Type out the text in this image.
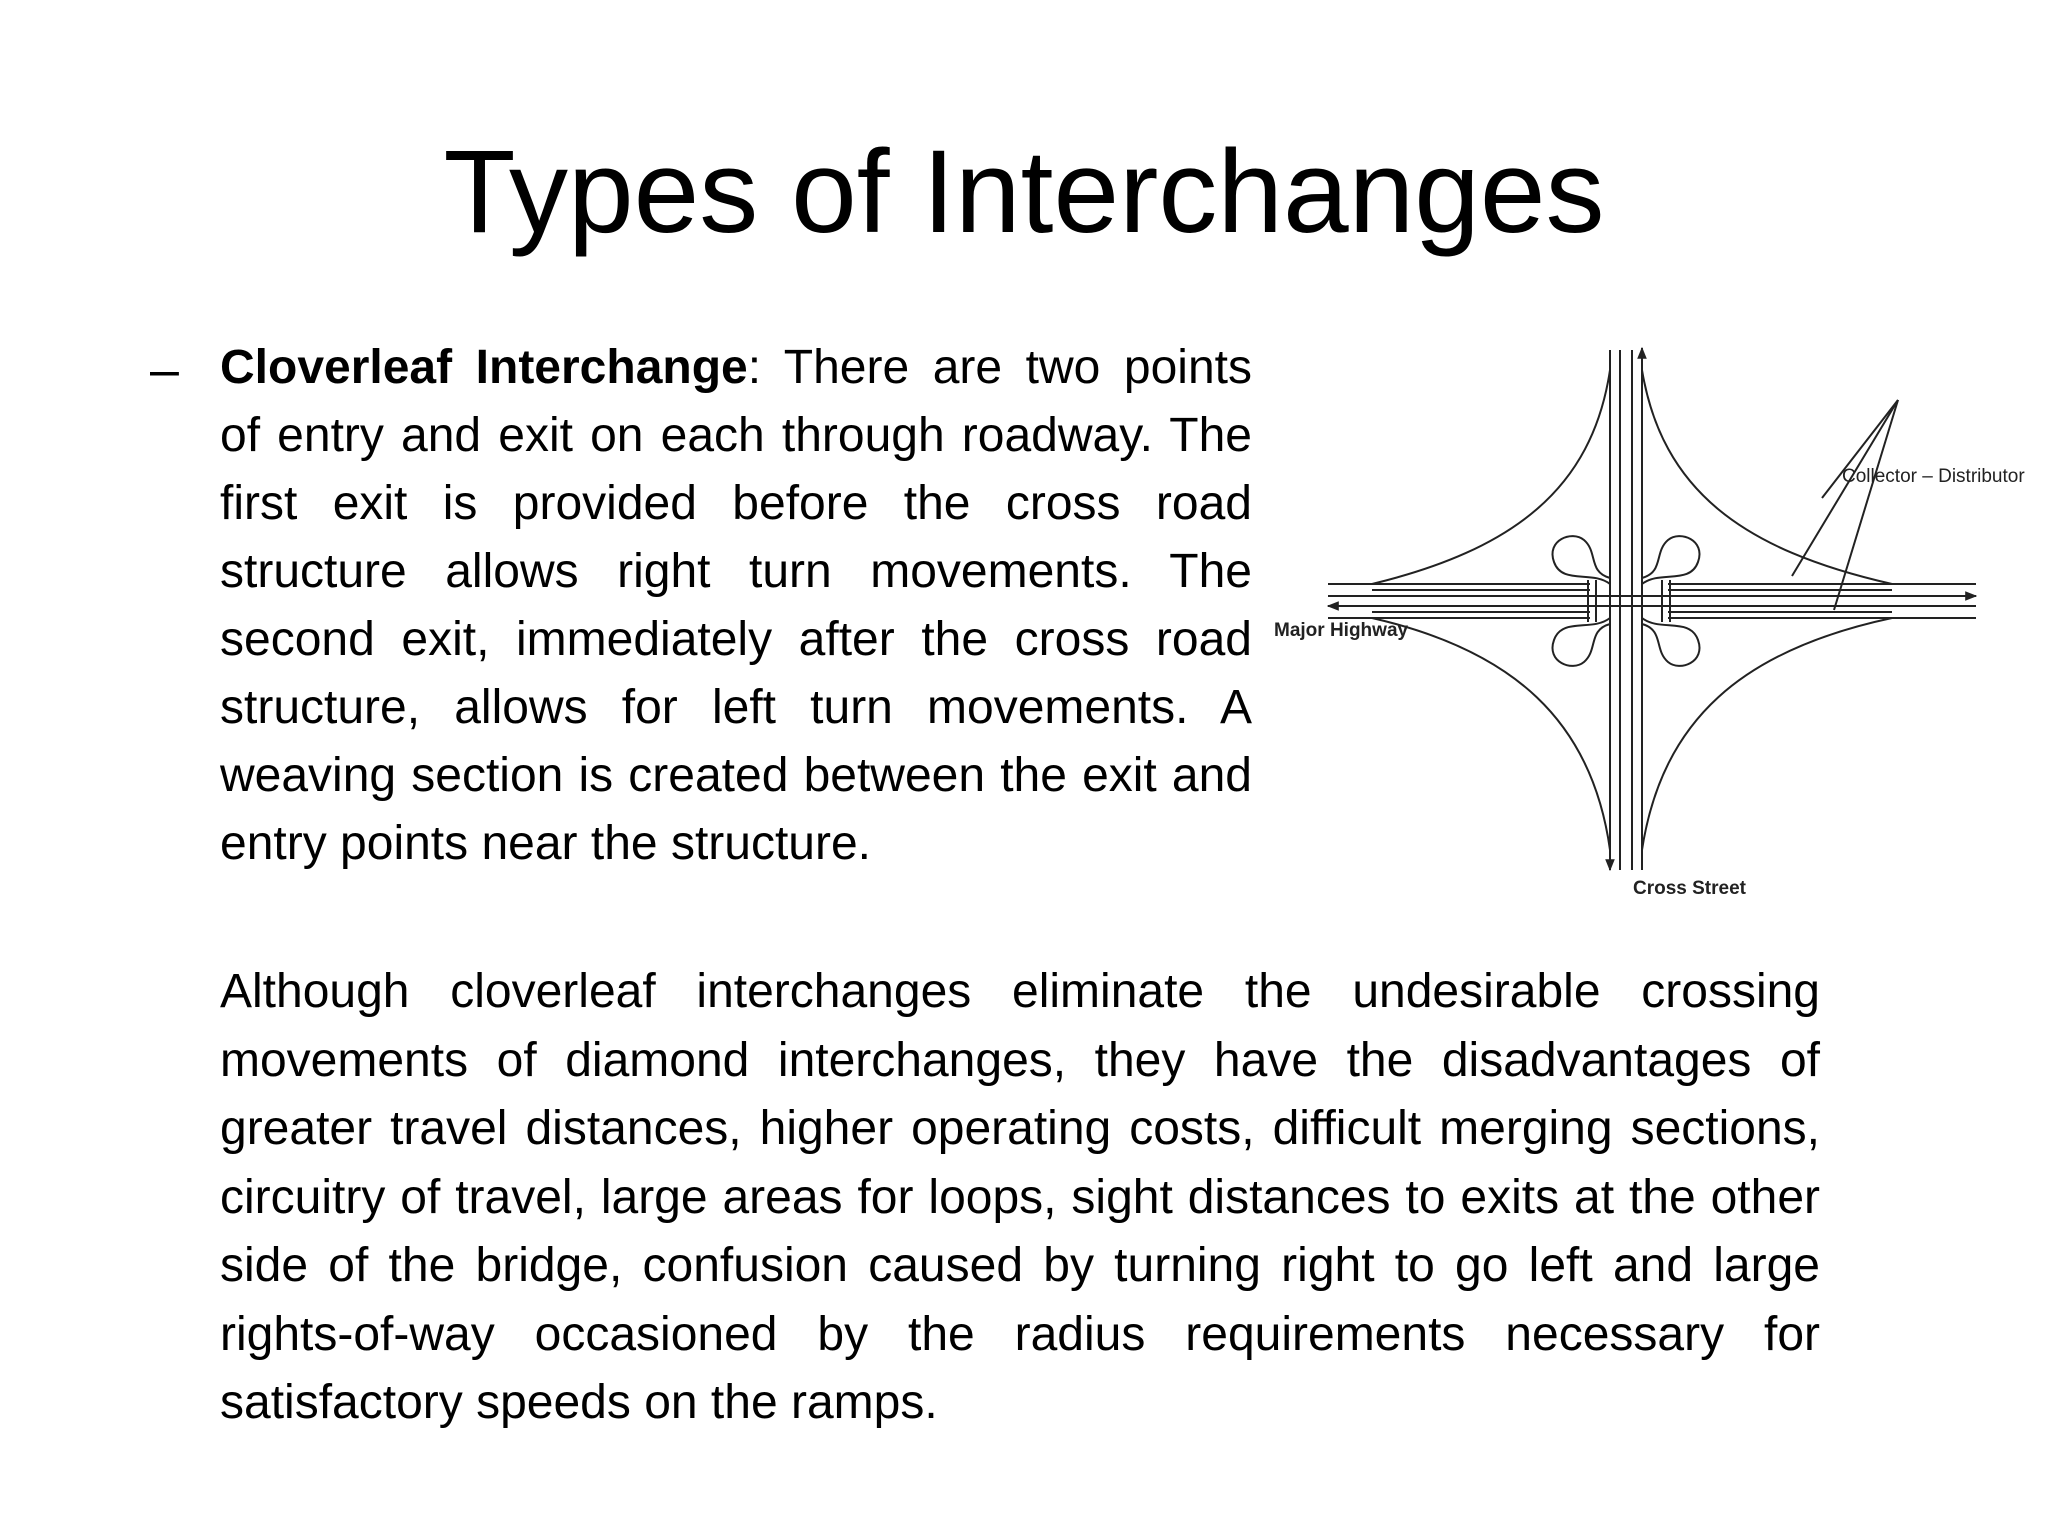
Types of Interchanges
– Cloverleaf Interchange: There are two points of entry and exit on each through roadway. The first exit is provided before the cross road structure allows right turn movements. The second exit, immediately after the cross road structure, allows for left turn movements. A weaving section is created between the exit and entry points near the structure.

Although cloverleaf interchanges eliminate the undesirable crossing movements of diamond interchanges, they have the disadvantages of greater travel distances, higher operating costs, difficult merging sections, circuitry of travel, large areas for loops, sight distances to exits at the other side of the bridge, confusion caused by turning right to go left and large rights-of-way occasioned by the radius requirements necessary for satisfactory speeds on the ramps.

Collector – Distributor
Major Highway
Cross Street
